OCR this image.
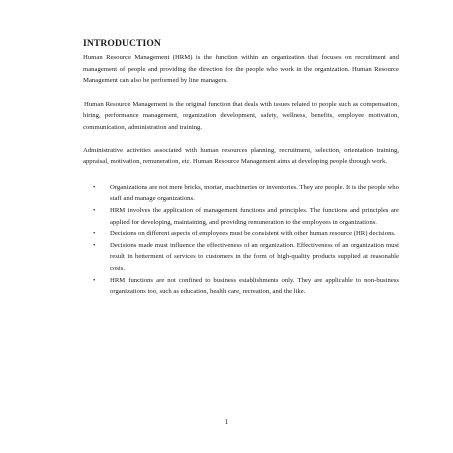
INTRODUCTION

Human Resource Management (HRM) is the function within an organization that focuses on recruitment and management of people and providing the direction for the people who work in the organization. Human Resource Management can also be performed by line managers.

Human Resource Management is the original function that deals with issues related to people such as compensation, hiring, performance management, organization development, safety, wellness, benefits, employee motivation, communication, administration and training.

Administrative activities associated with human resources planning, recruitment, selection, orientation training, appraisal, motivation, remuneration, etc. Human Resource Management aims at developing people through work.

• Organizations are not mere bricks, mortar, machineries or inventories. They are people. It is the people who staff and manage organizations.
• HRM involves the application of management functions and principles. The functions and principles are applied for developing, maintaining, and providing remuneration to the employees in organizations.
• Decisions on different aspects of employees must be consistent with other human resource (HR) decisions.
• Decisions made must influence the effectiveness of an organization. Effectiveness of an organization must result in betterment of services to customers in the form of high-quality products supplied at reasonable costs.
• HRM functions are not confined to business establishments only. They are applicable to non-business organizations too, such as education, health care, recreation, and the like.
1
